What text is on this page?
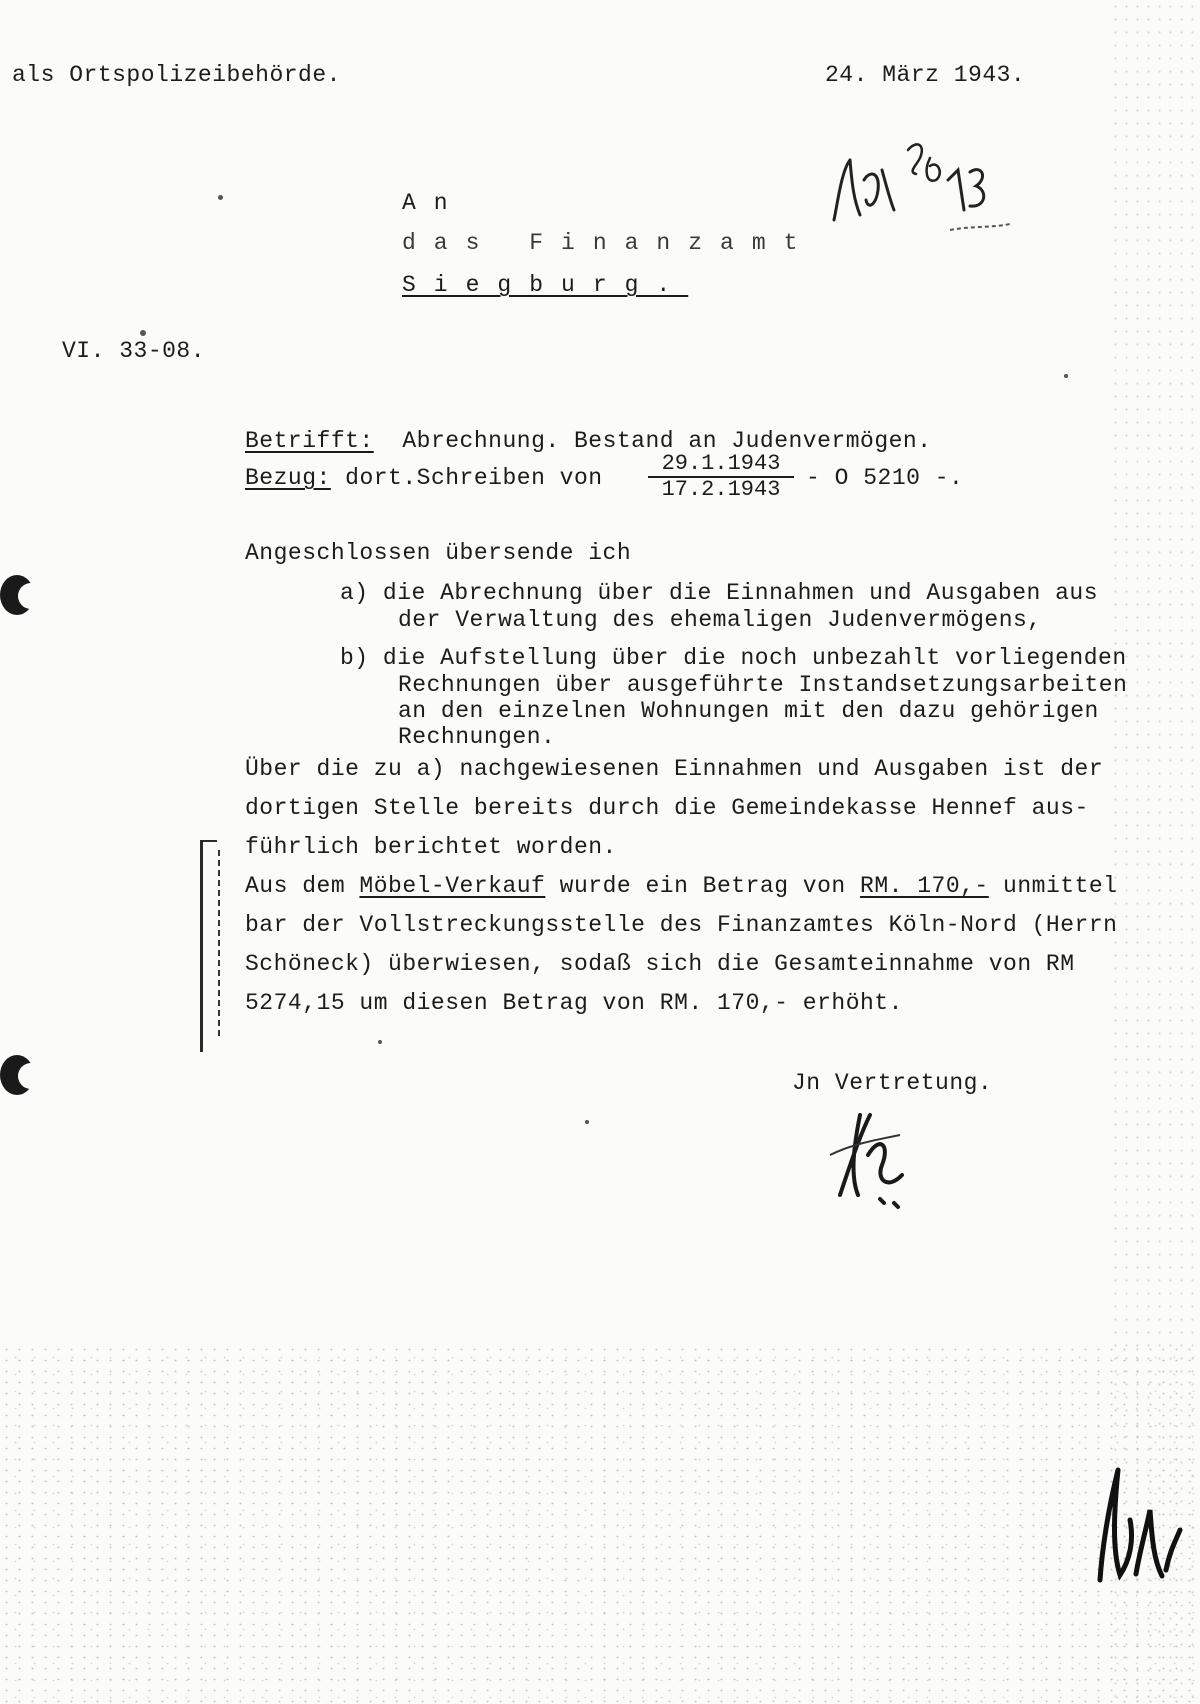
als Ortspolizeibehörde.	24. März 1943.
An
das Finanzamt
Siegburg.
VI. 33-08.
Betrifft: Abrechnung. Bestand an Judenvermögen.
Bezug: dort.Schreiben von $\frac{29.1.1943}{17.2.1943}$ - O 5210 -.
Angeschlossen übersende ich
a) die Abrechnung über die Einnahmen und Ausgaben aus
der Verwaltung des ehemaligen Judenvermögens,
b) die Aufstellung über die noch unbezahlt vorliegenden
Rechnungen über ausgeführte Instandsetzungsarbeiten
an den einzelnen Wohnungen mit den dazu gehörigen
Rechnungen.
Über die zu a) nachgewiesenen Einnahmen und Ausgaben ist der
dortigen Stelle bereits durch die Gemeindekasse Hennef aus-
führlich berichtet worden.
Aus dem Möbel-Verkauf wurde ein Betrag von RM. 170,- unmittel
bar der Vollstreckungsstelle des Finanzamtes Köln-Nord (Herrn
Schöneck) überwiesen, sodaß sich die Gesamteinnahme von RM
5274,15 um diesen Betrag von RM. 170,- erhöht.
Jn Vertretung.
